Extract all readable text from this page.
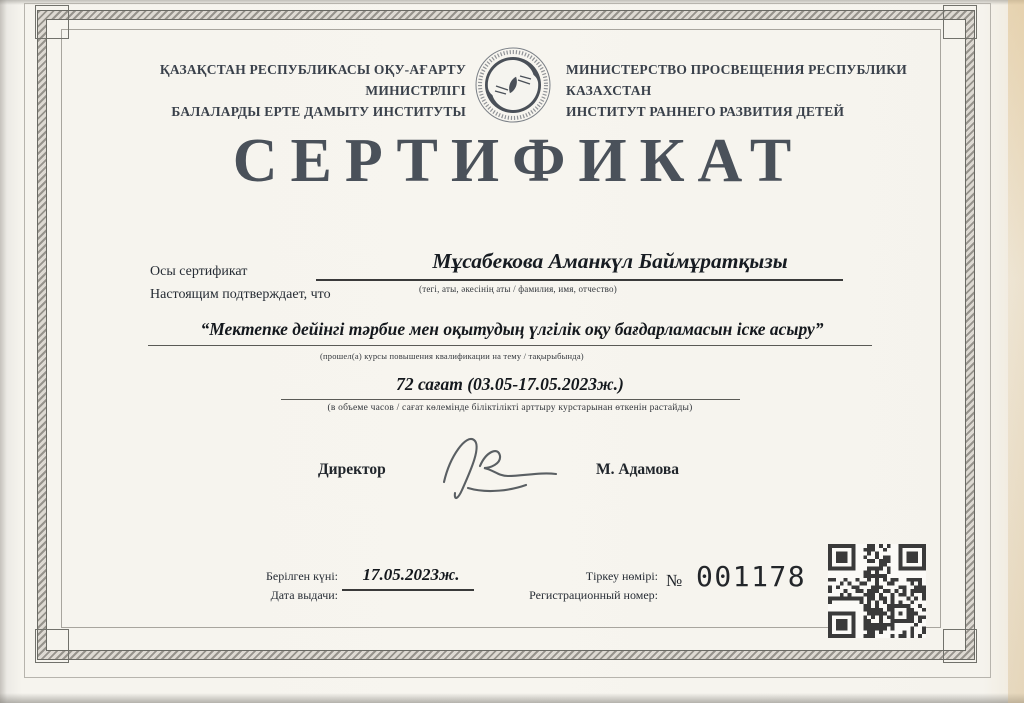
ҚАЗАҚСТАН РЕСПУБЛИКАСЫ ОҚУ-АҒАРТУ МИНИСТРЛІГІ
БАЛАЛАРДЫ ЕРТЕ ДАМЫТУ ИНСТИТУТЫ
МИНИСТЕРСТВО ПРОСВЕЩЕНИЯ РЕСПУБЛИКИ КАЗАХСТАН
ИНСТИТУТ РАННЕГО РАЗВИТИЯ ДЕТЕЙ
СЕРТИФИКАТ
Осы сертификат
Настоящим подтверждает, что
Мұсабекова Аманкүл Баймұратқызы
(тегі, аты, әкесінің аты / фамилия, имя, отчество)
“Мектепке дейінгі тәрбие мен оқытудың үлгілік оқу бағдарламасын іске асыру”
(прошел(а) курсы повышения квалификации на тему / тақырыбында)
72 сағат (03.05-17.05.2023ж.)
(в объеме часов / сағат көлемінде біліктілікті арттыру курстарынан өткенін растайды)
Директор	М. Адамова
Берілген күні:
Дата выдачи:
17.05.2023ж.	Тіркеу нөмірі:
Регистрационный номер:
№ 001178
